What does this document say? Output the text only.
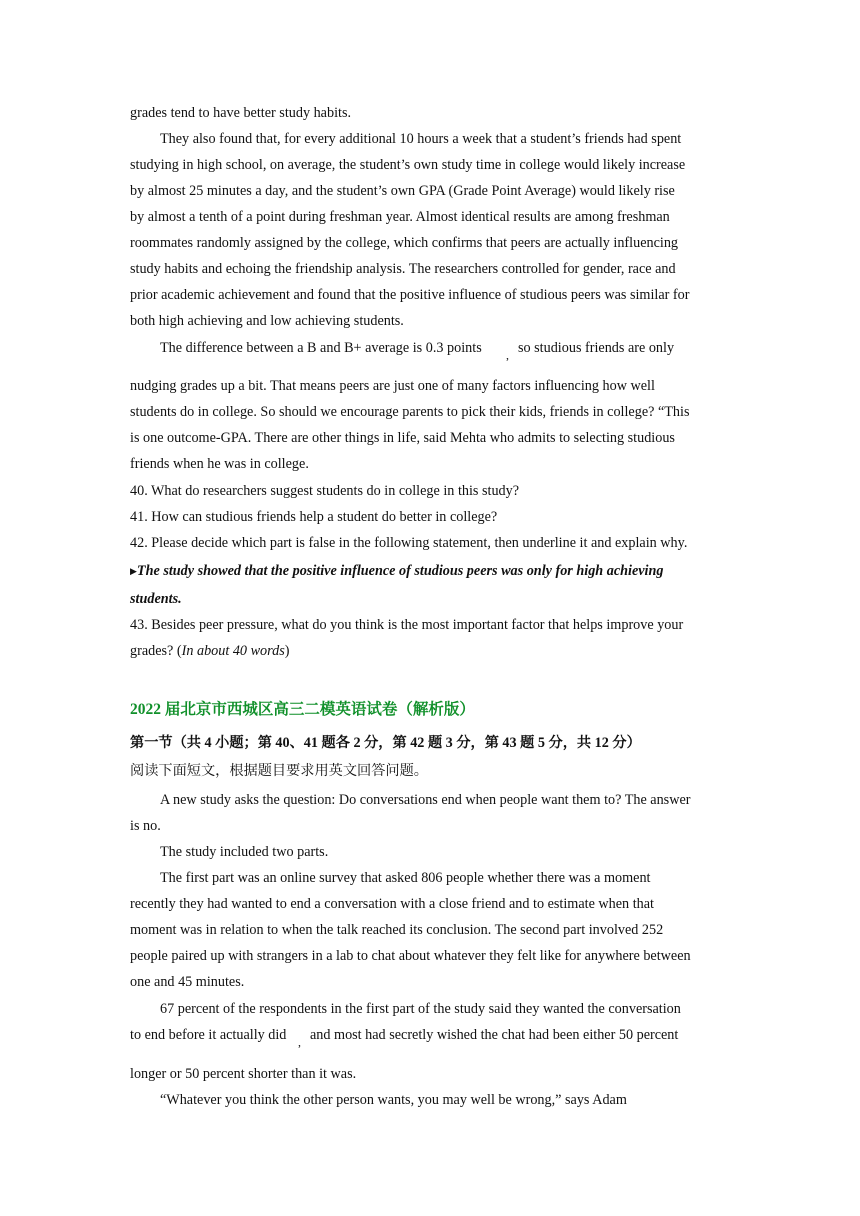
grades tend to have better study habits.
They also found that, for every additional 10 hours a week that a student’s friends had spent
studying in high school, on average, the student’s own study time in college would likely increase
by almost 25 minutes a day, and the student’s own GPA (Grade Point Average) would likely rise
by almost a tenth of a point during freshman year. Almost identical results are among freshman
roommates randomly assigned by the college, which confirms that peers are actually influencing
study habits and echoing the friendship analysis. The researchers controlled for gender, race and
prior academic achievement and found that the positive influence of studious peers was similar for
both high achieving and low achieving students.
The difference between a B and B+ average is 0.3 points , so studious friends are only
nudging grades up a bit. That means peers are just one of many factors influencing how well
students do in college. So should we encourage parents to pick their kids, friends in college? “This
is one outcome-GPA. There are other things in life, said Mehta who admits to selecting studious
friends when he was in college.
40. What do researchers suggest students do in college in this study?
41. How can studious friends help a student do better in college?
42. Please decide which part is false in the following statement, then underline it and explain why.
▶The study showed that the positive influence of studious peers was only for high achieving
students.
43. Besides peer pressure, what do you think is the most important factor that helps improve your
grades? (In about 40 words)
2022 届北京市西城区高三二模英语试卷（解析版）
第一节（共 4 小题；第 40、41 题各 2 分，第 42 题 3 分，第 43 题 5 分，共 12 分）
阅读下面短文，根据题目要求用英文回答问题。
A new study asks the question: Do conversations end when people want them to? The answer
is no.
The study included two parts.
The first part was an online survey that asked 806 people whether there was a moment
recently they had wanted to end a conversation with a close friend and to estimate when that
moment was in relation to when the talk reached its conclusion. The second part involved 252
people paired up with strangers in a lab to chat about whatever they felt like for anywhere between
one and 45 minutes.
67 percent of the respondents in the first part of the study said they wanted the conversation
to end before it actually did , and most had secretly wished the chat had been either 50 percent
longer or 50 percent shorter than it was.
“Whatever you think the other person wants, you may well be wrong,” says Adam
